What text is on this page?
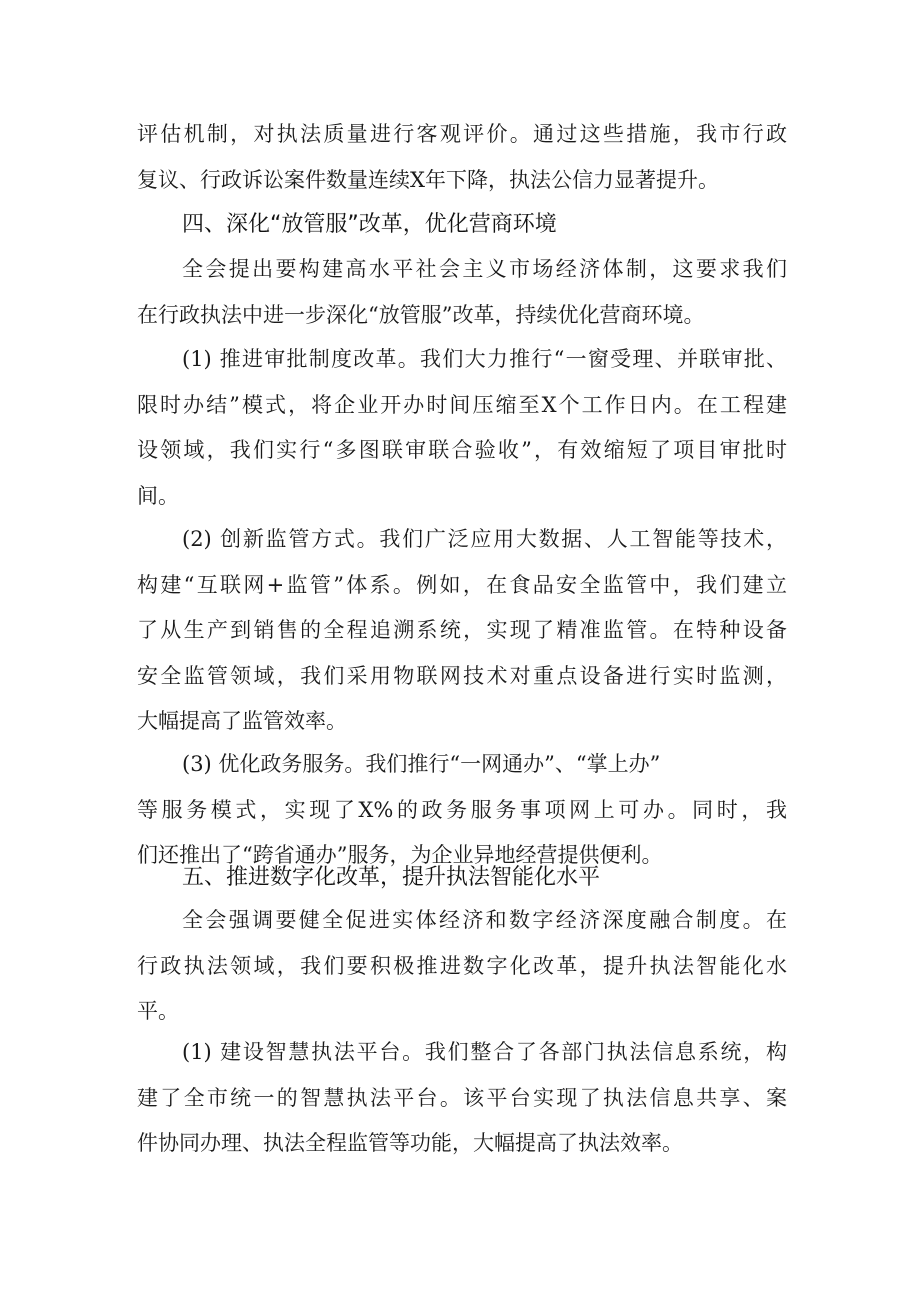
评估机制，对执法质量进行客观评价。通过这些措施，我市行政
复议、行政诉讼案件数量连续X年下降，执法公信力显著提升。
四、深化“放管服”改革，优化营商环境
全会提出要构建高水平社会主义市场经济体制，这要求我们
在行政执法中进一步深化“放管服”改革，持续优化营商环境。
(1) 推进审批制度改革。我们大力推行“一窗受理、并联审批、
限时办结”模式，将企业开办时间压缩至X个工作日内。在工程建
设领域，我们实行“多图联审联合验收”，有效缩短了项目审批时
间。
(2) 创新监管方式。我们广泛应用大数据、人工智能等技术，
构建“互联网+监管”体系。例如，在食品安全监管中，我们建立
了从生产到销售的全程追溯系统，实现了精准监管。在特种设备
安全监管领域，我们采用物联网技术对重点设备进行实时监测，
大幅提高了监管效率。
(3) 优化政务服务。我们推行“一网通办”、“掌上办”
等服务模式，实现了X%的政务服务事项网上可办。同时，我
们还推出了“跨省通办”服务，为企业异地经营提供便利。
五、推进数字化改革，提升执法智能化水平
全会强调要健全促进实体经济和数字经济深度融合制度。在
行政执法领域，我们要积极推进数字化改革，提升执法智能化水
平。
(1) 建设智慧执法平台。我们整合了各部门执法信息系统，构
建了全市统一的智慧执法平台。该平台实现了执法信息共享、案
件协同办理、执法全程监管等功能，大幅提高了执法效率。
